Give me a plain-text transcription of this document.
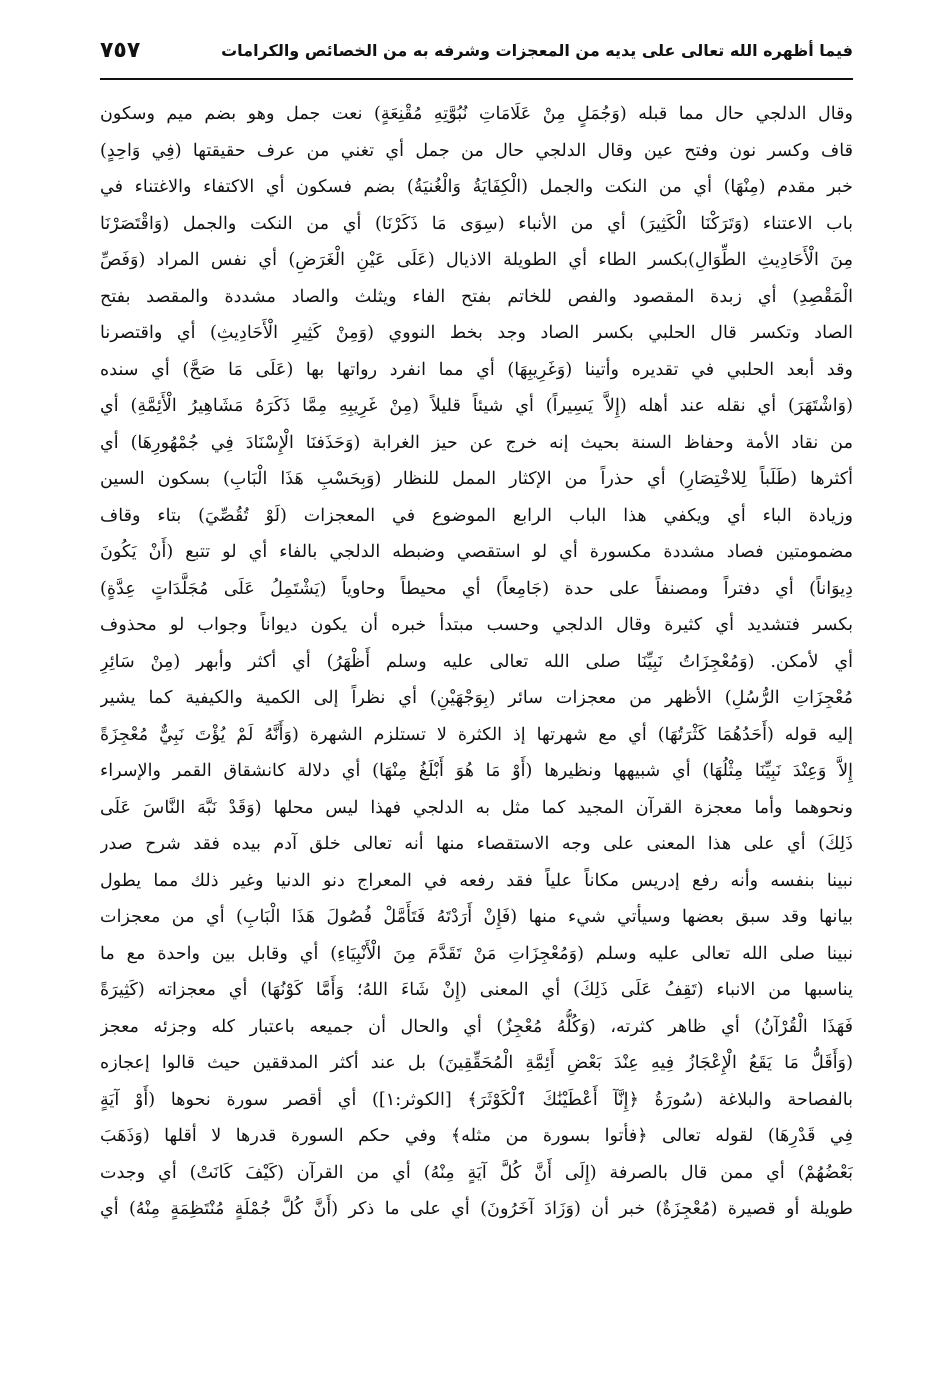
فيما أظهره الله تعالى على يديه من المعجزات وشرفه به من الخصائص والكرامات
٧٥٧
وقال الدلجي حال مما قبله (وَجُمَلٍ مِنْ عَلَامَاتِ نُبُوَّتِهِ مُقْنِعَةٍ) نعت جمل وهو بضم ميم وسكون
قاف وكسر نون وفتح عين وقال الدلجي حال من جمل أي تغني من عرف حقيقتها (فِي وَاحِدٍ)
خبر مقدم (مِنْهَا) أي من النكت والجمل (الْكِفَايَةُ وَالْغُنيَةُ) بضم فسكون أي الاكتفاء والاغتناء في
باب الاعتناء (وَتَرَكْنَا الْكَثِيرَ) أي من الأنباء (سِوَى مَا ذَكَرْنَا) أي من النكت والجمل (وَاقْتَصَرْنَا
مِنَ الْأَحَادِيثِ الطِّوَالِ)بكسر الطاء أي الطويلة الاذيال (عَلَى عَيْنِ الْغَرَضِ) أي نفس المراد (وَفَصِّ
الْمَقْصِدِ) أي زبدة المقصود والفص للخاتم بفتح الفاء ويثلث والصاد مشددة والمقصد بفتح
الصاد وتكسر قال الحلبي بكسر الصاد وجد بخط النووي (وَمِنْ كَثِيرِ الْأَحَادِيثِ) أي واقتصرنا
وقد أبعد الحلبي في تقديره وأتينا (وَغَرِيبِهَا) أي مما انفرد رواتها بها (عَلَى مَا صَحَّ) أي سنده
(وَاشْتَهَرَ) أي نقله عند أهله (إِلاَّ يَسِيراً) أي شيئاً قليلاً (مِنْ غَرِيبِهِ مِمَّا ذَكَرَهُ مَشَاهِيرُ الْأَئِمَّةِ) أي
من نقاد الأمة وحفاظ السنة بحيث إنه خرج عن حيز الغرابة (وَحَذَفنَا الْإِسْنَادَ فِي جُمْهُورِهَا) أي
أكثرها (طَلَباً لِلاخْتِصَارِ) أي حذراً من الإكثار الممل للنظار (وَبِحَسْبِ هَذَا الْبَابِ) بسكون السين
وزيادة الباء أي ويكفي هذا الباب الرابع الموضوع في المعجزات (لَوْ تُقُصِّيَ) بتاء وقاف
مضمومتين فصاد مشددة مكسورة أي لو استقصي وضبطه الدلجي بالفاء أي لو تتبع (أَنْ يَكُونَ
دِيوَاناً) أي دفتراً ومصنفاً على حدة (جَامِعاً) أي محيطاً وحاوياً (يَشْتَمِلُ عَلَى مُجَلَّدَاتٍ عِدَّةٍ)
بكسر فتشديد أي كثيرة وقال الدلجي وحسب مبتدأ خبره أن يكون ديواناً وجواب لو محذوف
أي لأمكن. (وَمُعْجِزَاتُ نَبِيِّنَا صلى الله تعالى عليه وسلم أَظْهَرُ) أي أكثر وأبهر (مِنْ سَائِرِ
مُعْجِزَاتِ الرُّسُلِ) الأظهر من معجزات سائر (بِوَجْهَيْنِ) أي نظراً إلى الكمية والكيفية كما يشير
إليه قوله (أَحَدُهُمَا كَثْرَتُهَا) أي مع شهرتها إذ الكثرة لا تستلزم الشهرة (وَأَنَّهُ لَمْ يُؤْتَ نَبِيٌّ مُعْجِزَةً
إِلاَّ وَعِنْدَ نَبِيِّنَا مِثْلُهَا) أي شبيهها ونظيرها (أَوْ مَا هُوَ أَبْلَغُ مِنْهَا) أي دلالة كانشقاق القمر والإسراء
ونحوهما وأما معجزة القرآن المجيد كما مثل به الدلجي فهذا ليس محلها (وَقَدْ نَبَّهَ النَّاسَ عَلَى
ذَلِكَ) أي على هذا المعنى على وجه الاستقصاء منها أنه تعالى خلق آدم بيده فقد شرح صدر
نبينا بنفسه وأنه رفع إدريس مكاناً علياً فقد رفعه في المعراج دنو الدنيا وغير ذلك مما يطول
بيانها وقد سبق بعضها وسيأتي شيء منها (فَإِنْ أَرَدْتَهُ فَتَأَمَّلْ فُصُولَ هَذَا الْبَابِ) أي من معجزات
نبينا صلى الله تعالى عليه وسلم (وَمُعْجِزَاتِ مَنْ تَقَدَّمَ مِنَ الْأَنْبِيَاءِ) أي وقابل بين واحدة مع ما
يناسبها من الانباء (تَقِفُ عَلَى ذَلِكَ) أي المعنى (إِنْ شَاءَ اللهُ؛ وَأَمَّا كَوْنُهَا) أي معجزاته (كَثِيرَةً
فَهَذَا الْقُرْآنُ) أي ظاهر كثرته، (وَكُلُّهُ مُعْجِزٌ) أي والحال أن جميعه باعتبار كله وجزئه معجز
(وَأَقَلُّ مَا يَقَعُ الْإِعْجَازُ فِيهِ عِنْدَ بَعْضِ أَئِمَّةِ الْمُحَقِّقِينَ) بل عند أكثر المدققين حيث قالوا إعجازه
بالفصاحة والبلاغة (سُورَةُ ﴿إِنَّآ أَعْطَيْنَٰكَ ٱلْكَوْثَرَ﴾ [الكوثر:١]) أي أقصر سورة نحوها (أَوْ آيَةٍ
فِي قَدْرِهَا) لقوله تعالى ﴿فأتوا بسورة من مثله﴾ وفي حكم السورة قدرها لا أقلها (وَذَهَبَ
بَعْضُهُمْ) أي ممن قال بالصرفة (إِلَى أَنَّ كُلَّ آيَةٍ مِنْهُ) أي من القرآن (كَيْفَ كَانَتْ) أي وجدت
طويلة أو قصيرة (مُعْجِزَةٌ) خبر أن (وَزَادَ آخَرُونَ) أي على ما ذكر (أَنَّ كُلَّ جُمْلَةٍ مُنْتَظِمَةٍ مِنْهُ) أي
